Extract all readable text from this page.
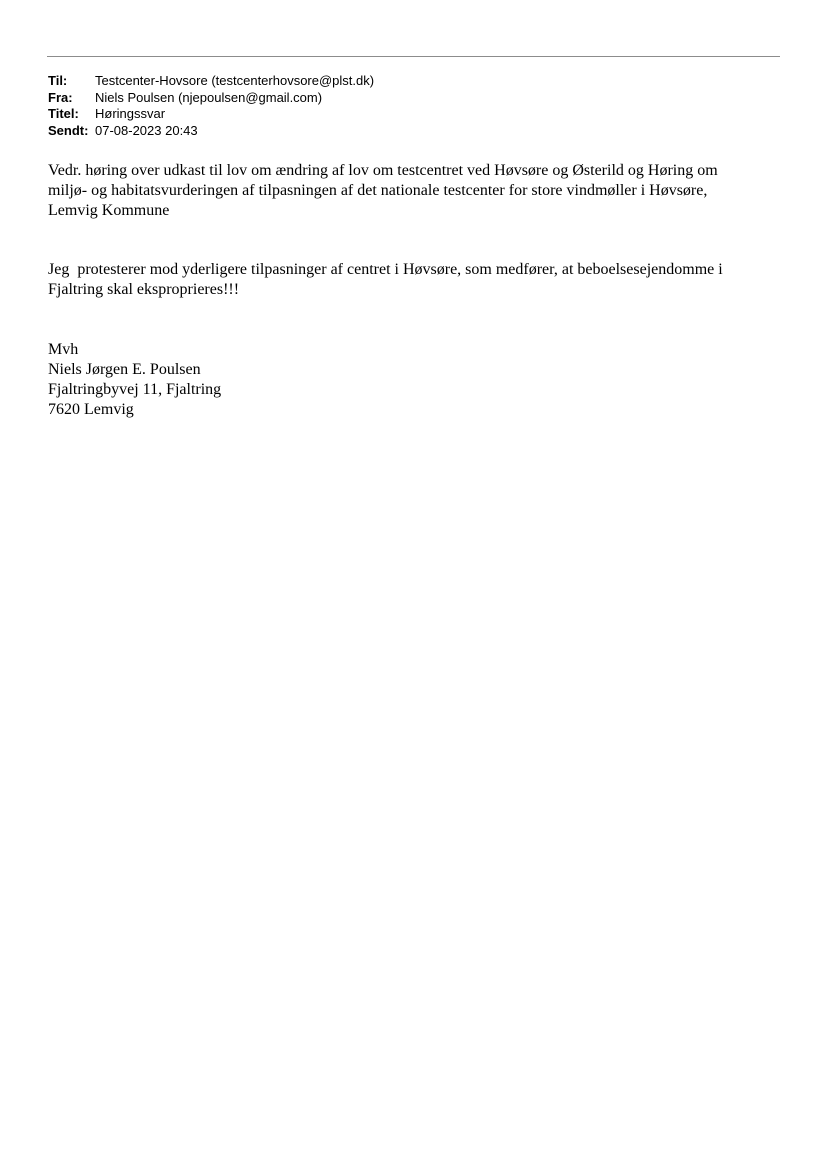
Til:	Testcenter-Hovsore (testcenterhovsore@plst.dk)
Fra:	Niels Poulsen (njepoulsen@gmail.com)
Titel:	Høringssvar
Sendt: 07-08-2023 20:43
Vedr. høring over udkast til lov om ændring af lov om testcentret ved Høvsøre og Østerild og Høring om
miljø- og habitatsvurderingen af tilpasningen af det nationale testcenter for store vindmøller i Høvsøre,
Lemvig Kommune
Jeg  protesterer mod yderligere tilpasninger af centret i Høvsøre, som medfører, at beboelsesejendomme i
Fjaltring skal eksproprieres!!!
Mvh
Niels Jørgen E. Poulsen
Fjaltringbyvej 11, Fjaltring
7620 Lemvig
